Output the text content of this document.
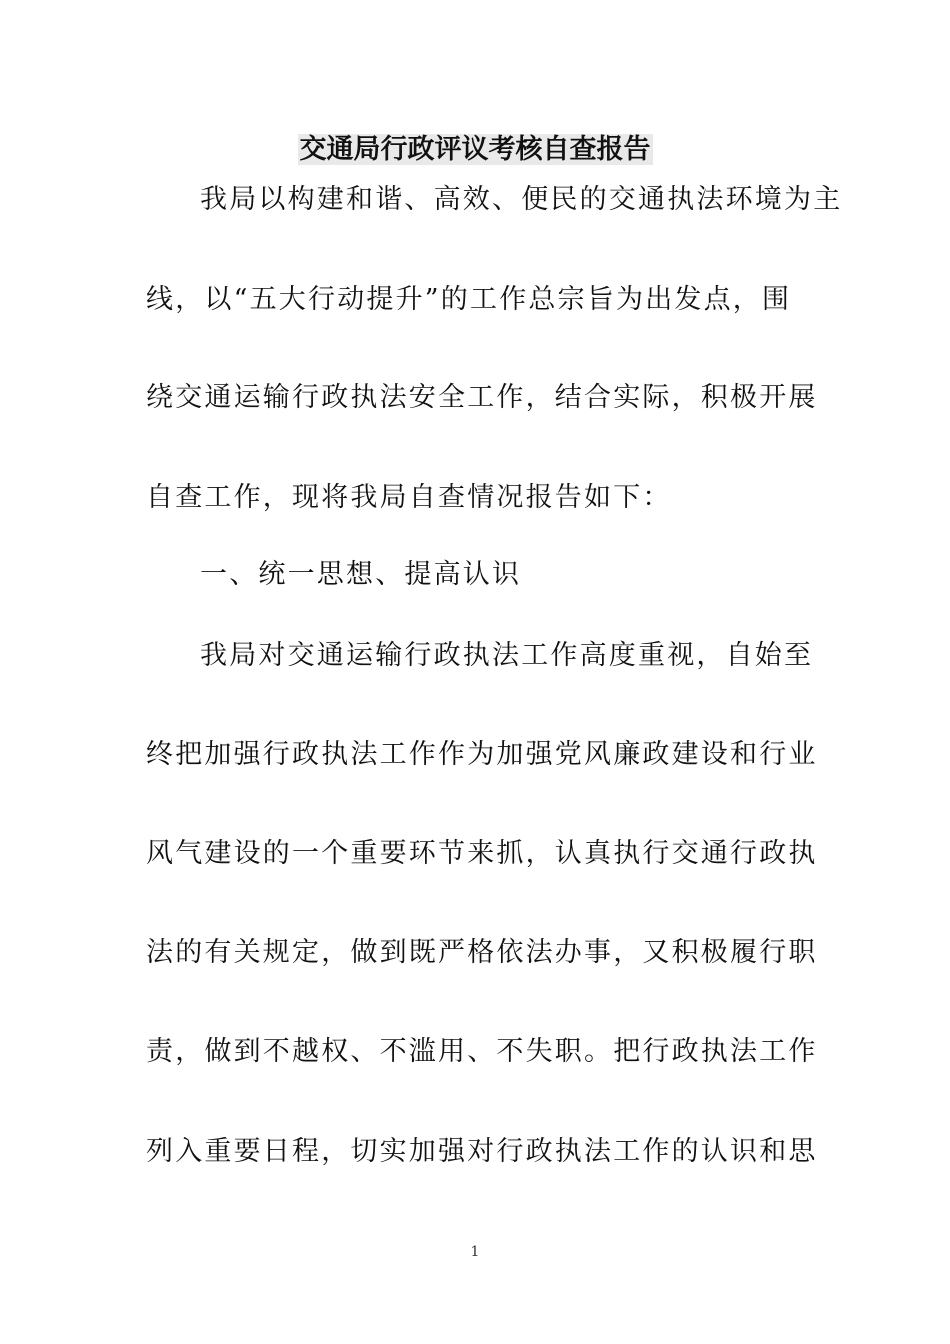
交通局行政评议考核自查报告
我局以构建和谐、高效、便民的交通执法环境为主
线，以“五大行动提升”的工作总宗旨为出发点，围
绕交通运输行政执法安全工作，结合实际，积极开展
自查工作，现将我局自查情况报告如下：
一、统一思想、提高认识
我局对交通运输行政执法工作高度重视，自始至
终把加强行政执法工作作为加强党风廉政建设和行业
风气建设的一个重要环节来抓，认真执行交通行政执
法的有关规定，做到既严格依法办事，又积极履行职
责，做到不越权、不滥用、不失职。把行政执法工作
列入重要日程，切实加强对行政执法工作的认识和思
1
